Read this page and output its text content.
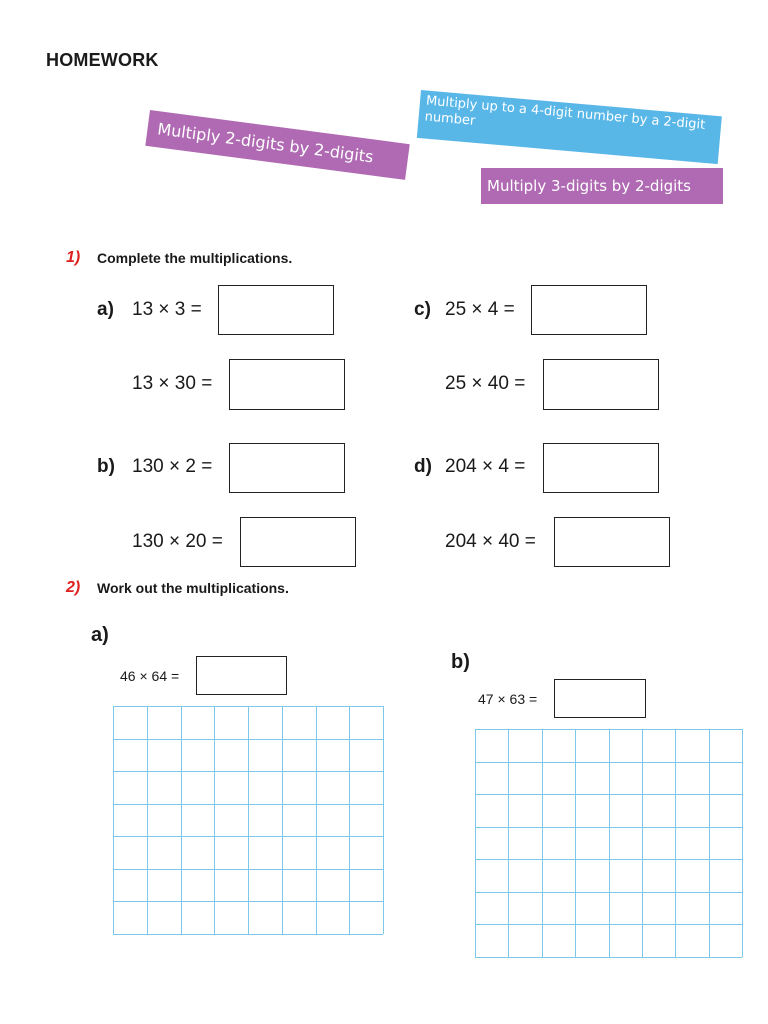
HOMEWORK
Multiply 2-digits by 2-digits
Multiply up to a 4-digit number by a 2-digit number
Multiply 3-digits by 2-digits
1) Complete the multiplications.
a) 13 × 3 =
13 × 30 =
b) 130 × 2 =
130 × 20 =
c) 25 × 4 =
25 × 40 =
d) 204 × 4 =
204 × 40 =
2) Work out the multiplications.
a)
46 × 64 =
b)
47 × 63 =
